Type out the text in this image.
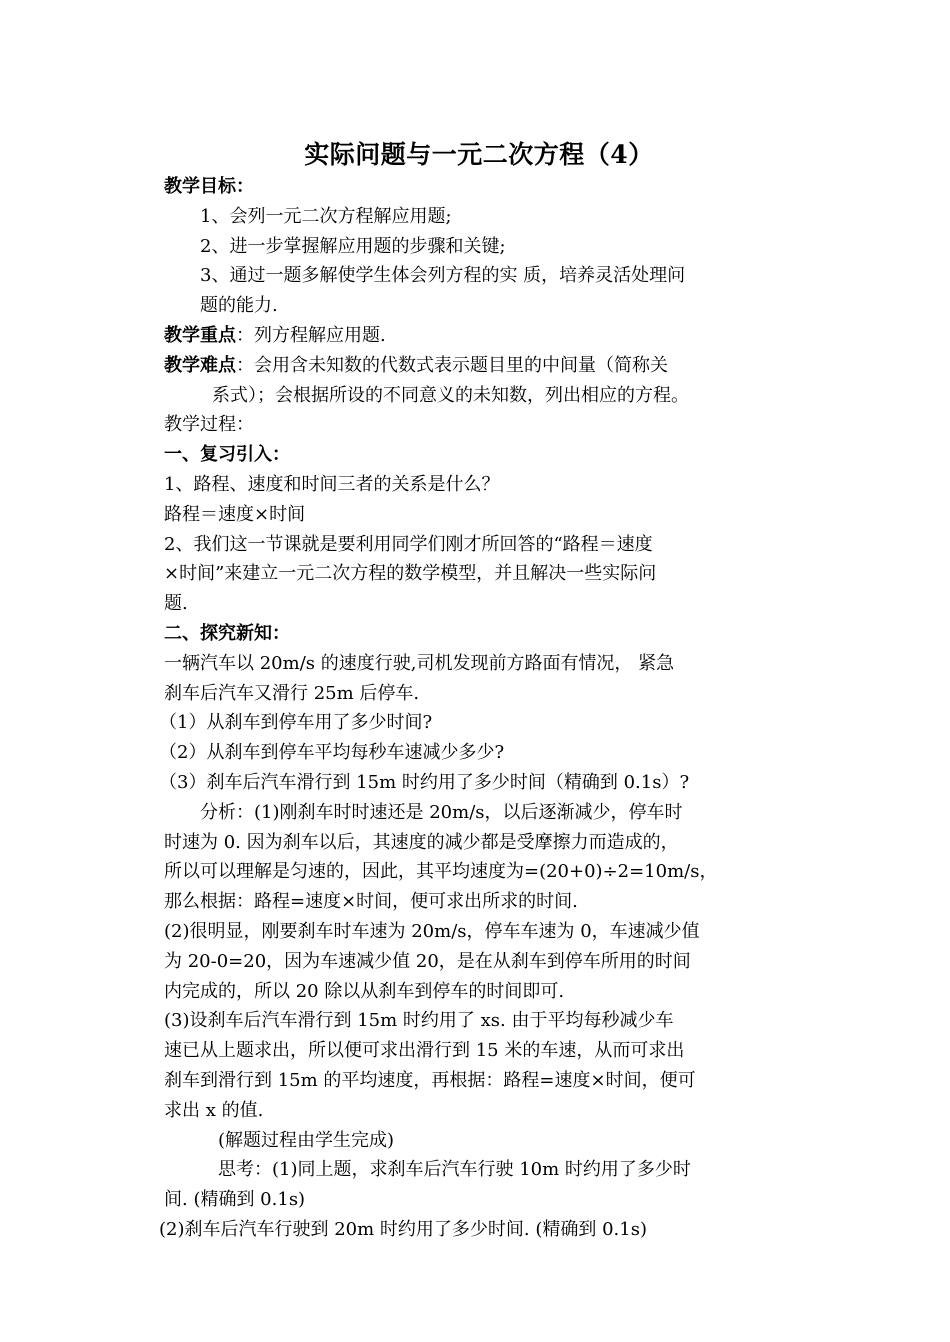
实际问题与一元二次方程（4）

教学目标：

1、会列一元二次方程解应用题;

2、进一步掌握解应用题的步骤和关键;

3、通过一题多解使学生体会列方程的实 质，培养灵活处理问

题的能力.

教学重点：列方程解应用题.

教学难点：会用含未知数的代数式表示题目里的中间量（简称关

系式）；会根据所设的不同意义的未知数，列出相应的方程。

教学过程：

一、复习引入：

1、路程、速度和时间三者的关系是什么？

路程＝速度×时间

2、我们这一节课就是要利用同学们刚才所回答的“路程＝速度

×时间”来建立一元二次方程的数学模型，并且解决一些实际问

题.

二、探究新知：

一辆汽车以 20m/s 的速度行驶,司机发现前方路面有情况， 紧急

刹车后汽车又滑行 25m 后停车.

（1）从刹车到停车用了多少时间?

（2）从刹车到停车平均每秒车速减少多少?

（3）刹车后汽车滑行到 15m 时约用了多少时间（精确到 0.1s）?

分析：(1)刚刹车时时速还是 20m/s，以后逐渐减少，停车时

时速为 0. 因为刹车以后，其速度的减少都是受摩擦力而造成的，

所以可以理解是匀速的，因此，其平均速度为=(20+0)÷2=10m/s，

那么根据：路程=速度×时间，便可求出所求的时间.

(2)很明显，刚要刹车时车速为 20m/s，停车车速为 0，车速减少值

为 20-0=20，因为车速减少值 20，是在从刹车到停车所用的时间

内完成的，所以 20 除以从刹车到停车的时间即可.

(3)设刹车后汽车滑行到 15m 时约用了 xs. 由于平均每秒减少车

速已从上题求出，所以便可求出滑行到 15 米的车速，从而可求出

刹车到滑行到 15m 的平均速度，再根据：路程=速度×时间，便可

求出 x 的值.

(解题过程由学生完成)

思考：(1)同上题，求刹车后汽车行驶 10m 时约用了多少时

间. (精确到 0.1s)

(2)刹车后汽车行驶到 20m 时约用了多少时间. (精确到 0.1s)
